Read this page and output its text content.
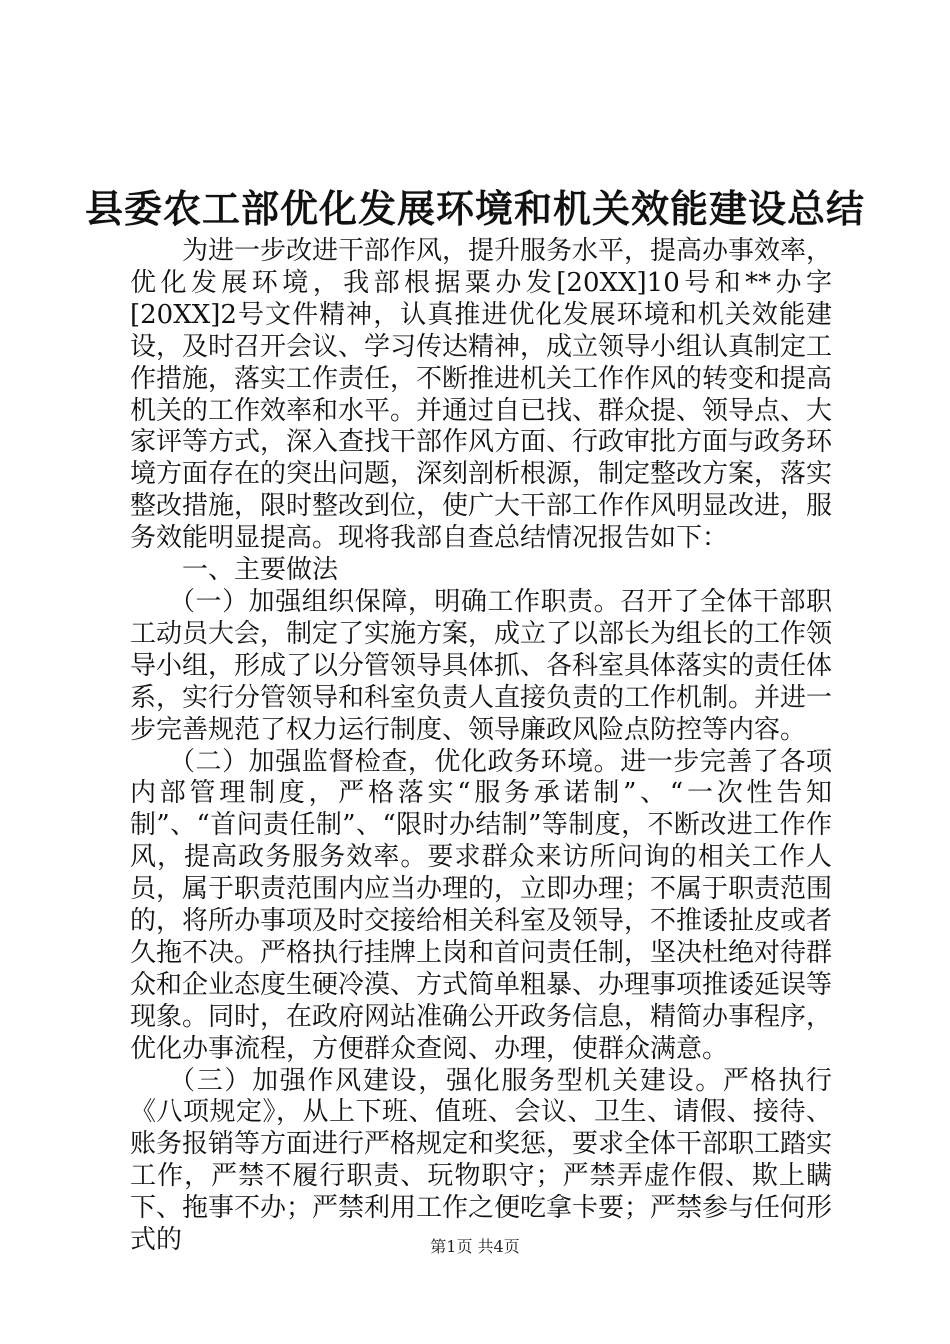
县委农工部优化发展环境和机关效能建设总结

为进一步改进干部作风，提升服务水平，提高办事效率，优化发展环境，我部根据粟办发[20XX]10号和**办字[20XX]2号文件精神，认真推进优化发展环境和机关效能建设，及时召开会议、学习传达精神，成立领导小组认真制定工作措施，落实工作责任，不断推进机关工作作风的转变和提高机关的工作效率和水平。并通过自已找、群众提、领导点、大家评等方式，深入查找干部作风方面、行政审批方面与政务环境方面存在的突出问题，深刻剖析根源，制定整改方案，落实整改措施，限时整改到位，使广大干部工作作风明显改进，服务效能明显提高。现将我部自查总结情况报告如下：

一、主要做法

（一）加强组织保障，明确工作职责。召开了全体干部职工动员大会，制定了实施方案，成立了以部长为组长的工作领导小组，形成了以分管领导具体抓、各科室具体落实的责任体系，实行分管领导和科室负责人直接负责的工作机制。并进一步完善规范了权力运行制度、领导廉政风险点防控等内容。

（二）加强监督检查，优化政务环境。进一步完善了各项内部管理制度，严格落实“服务承诺制”、“一次性告知制”、“首问责任制”、“限时办结制”等制度，不断改进工作作风，提高政务服务效率。要求群众来访所问询的相关工作人员，属于职责范围内应当办理的，立即办理；不属于职责范围的，将所办事项及时交接给相关科室及领导，不推诿扯皮或者久拖不决。严格执行挂牌上岗和首问责任制，坚决杜绝对待群众和企业态度生硬冷漠、方式简单粗暴、办理事项推诿延误等现象。同时，在政府网站准确公开政务信息，精简办事程序，优化办事流程，方便群众查阅、办理，使群众满意。

（三）加强作风建设，强化服务型机关建设。严格执行《八项规定》，从上下班、值班、会议、卫生、请假、接待、账务报销等方面进行严格规定和奖惩，要求全体干部职工踏实工作，严禁不履行职责、玩物职守；严禁弄虚作假、欺上瞒下、拖事不办；严禁利用工作之便吃拿卡要；严禁参与任何形式的	第1页 共4页
